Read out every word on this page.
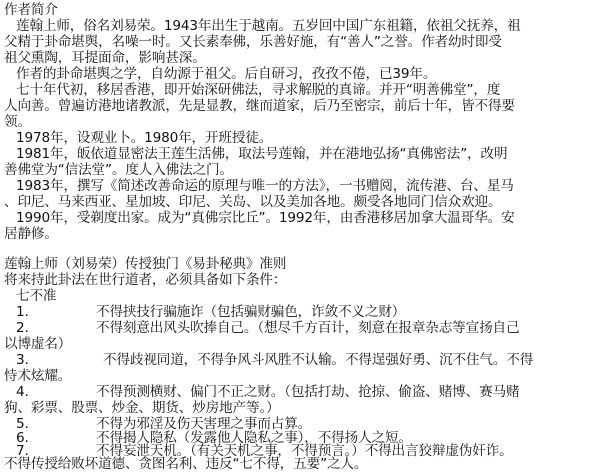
作者简介
莲翰上师，俗名刘易荣。1943年出生于越南。五岁回中国广东祖籍，依祖父抚养，祖
父精于卦命堪舆，名噪一时。又长素奉佛，乐善好施，有“善人”之誉。作者幼时即受
祖父熏陶，耳提面命，影响甚深。
作者的卦命堪舆之学，自幼源于祖父。后自研习，孜孜不倦，已39年。
七十年代初，移居香港，即开始深研佛法，寻求解脱的真谛。并开“明善佛堂”，度
人向善。曾遍访港地诸教派，先是显教，继而道家，后乃至密宗，前后十年，皆不得要
领。
1978年，设观业卜。1980年，开班授徒。
1981年，皈依道显密法王莲生活佛，取法号莲翰，并在港地弘扬“真佛密法”，改明
善佛堂为“信法堂”。度人入佛法之门。
1983年，撰写《简述改善命运的原理与唯一的方法》，一书赠阅，流传港、台、星马
、印尼、马来西亚、星加坡、印尼、关岛、以及美加各地。颇受各地同门信众欢迎。
1990年，受剃度出家。成为“真佛宗比丘”。1992年，由香港移居加拿大温哥华。安
居静修。
莲翰上师（刘易荣）传授独门《易卦秘典》准则
将来持此卦法在世行道者，必须具备如下条件：
七不准
1.	不得挟技行骗施诈（包括骗财骗色，诈敛不义之财）
2.	不得刻意出风头吹捧自己。（想尽千方百计，刻意在报章杂志等宣扬自己
以博虚名）
3.	不得歧视同道，不得争风斗风胜不认输。不得逞强好勇、沉不住气。不得
恃术炫耀。
4.	不得预测横财、偏门不正之财。（包括打劫、抢掠、偷盗、赌博、赛马赌
狗、彩票、股票、炒金、期货、炒房地产等。）
5.	不得为邪淫及伤天害理之事而占算。
6.	不得揭人隐私（发露他人隐私之事），不得扬人之短。
7.	不得妄泄天机。（有关天机之事，不得预言。）不得出言狡辩虚伪奸诈。
不得传授给败坏道德、贪图名利、违反“七不得，五要”之人。
